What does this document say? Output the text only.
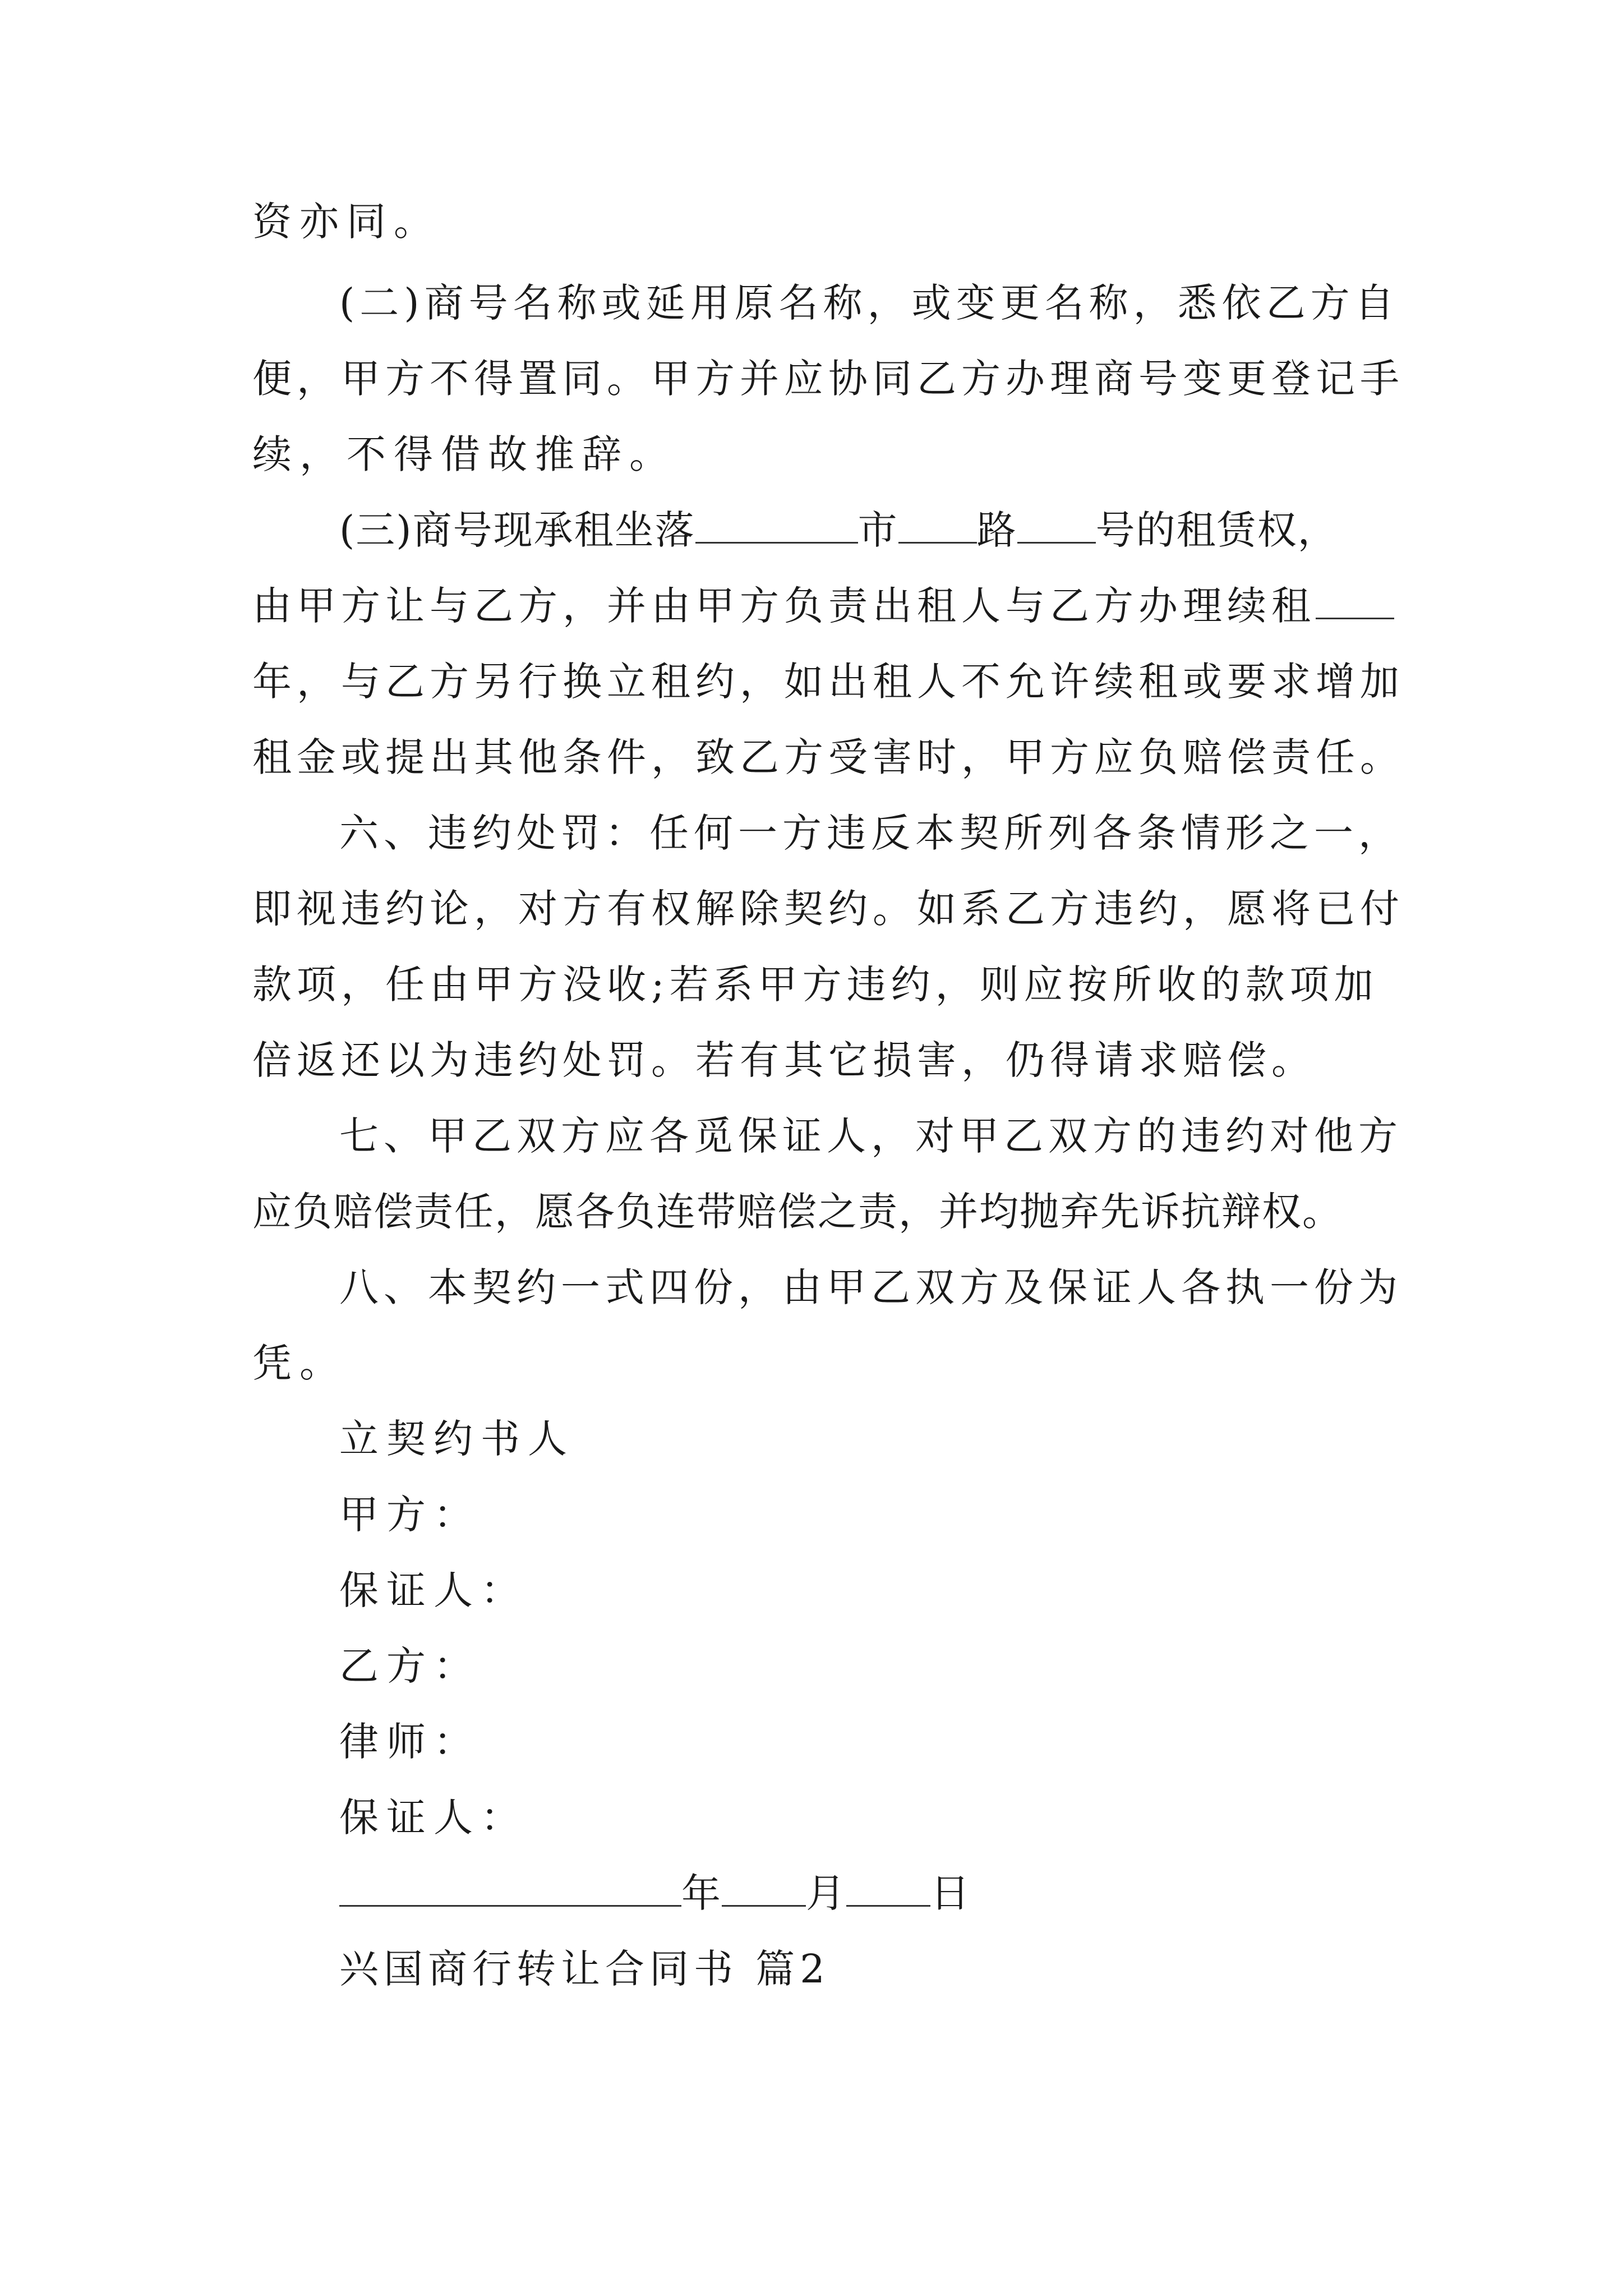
资亦同。
(二)商号名称或延用原名称，或变更名称，悉依乙方自
便，甲方不得置同。甲方并应协同乙方办理商号变更登记手
续，不得借故推辞。
(三)商号现承租坐落	市 路 号的租赁权，
由甲方让与乙方，并由甲方负责出租人与乙方办理续租
年，与乙方另行换立租约，如出租人不允许续租或要求增加
租金或提出其他条件，致乙方受害时，甲方应负赔偿责任。
六、违约处罚：任何一方违反本契所列各条情形之一，
即视违约论，对方有权解除契约。如系乙方违约，愿将已付
款项，任由甲方没收;若系甲方违约，则应按所收的款项加
倍返还以为违约处罚。若有其它损害，仍得请求赔偿。
七、甲乙双方应各觅保证人，对甲乙双方的违约对他方
应负赔偿责任，愿各负连带赔偿之责，并均抛弃先诉抗辩权。
八、本契约一式四份，由甲乙双方及保证人各执一份为
凭。
立契约书人
甲方：
保证人：
乙方：
律师：
保证人：
年 月 日
兴国商行转让合同书 篇2
